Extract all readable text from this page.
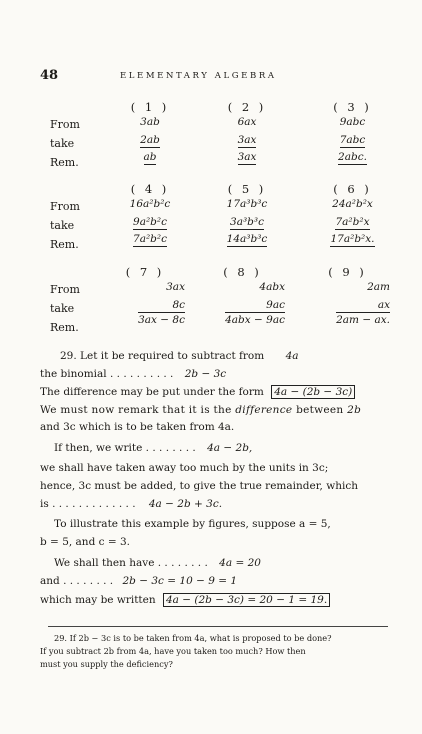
48	ELEMENTARY ALGEBRA
From
take
Rem.
From
take
Rem.
From
take
Rem.
( 1 )
3ab
2ab
ab
( 2 )
6ax
3ax
3ax
( 3 )
9abc
7abc
2abc.
( 4 )
16a²b²c
9a²b²c
7a²b²c
( 5 )
17a³b³c
3a³b³c
14a³b³c
( 6 )
24a²b²x
7a²b²x
17a²b²x.
( 7 )
3ax
8c
3ax − 8c
( 8 )
4abx
9ac
4abx − 9ac
( 9 )
2am
ax
2am − ax.
29. Let it be required to subtract from 4a
the binomial . . . . . . . . . . 2b − 3c
The difference may be put under the form 4a − (2b − 3c)
We must now remark that it is the difference between 2b
and 3c which is to be taken from 4a.
If then, we write . . . . . . . . 4a − 2b,
we shall have taken away too much by the units in 3c;
hence, 3c must be added, to give the true remainder, which
is . . . . . . . . . . . . . 4a − 2b + 3c.
To illustrate this example by figures, suppose a = 5,
b = 5, and c = 3.
We shall then have . . . . . . . . 4a = 20
and . . . . . . . . 2b − 3c = 10 − 9 = 1
which may be written 4a − (2b − 3c) = 20 − 1 = 19.
29. If 2b − 3c is to be taken from 4a, what is proposed to be done?
If you subtract 2b from 4a, have you taken too much? How then
must you supply the deficiency?
